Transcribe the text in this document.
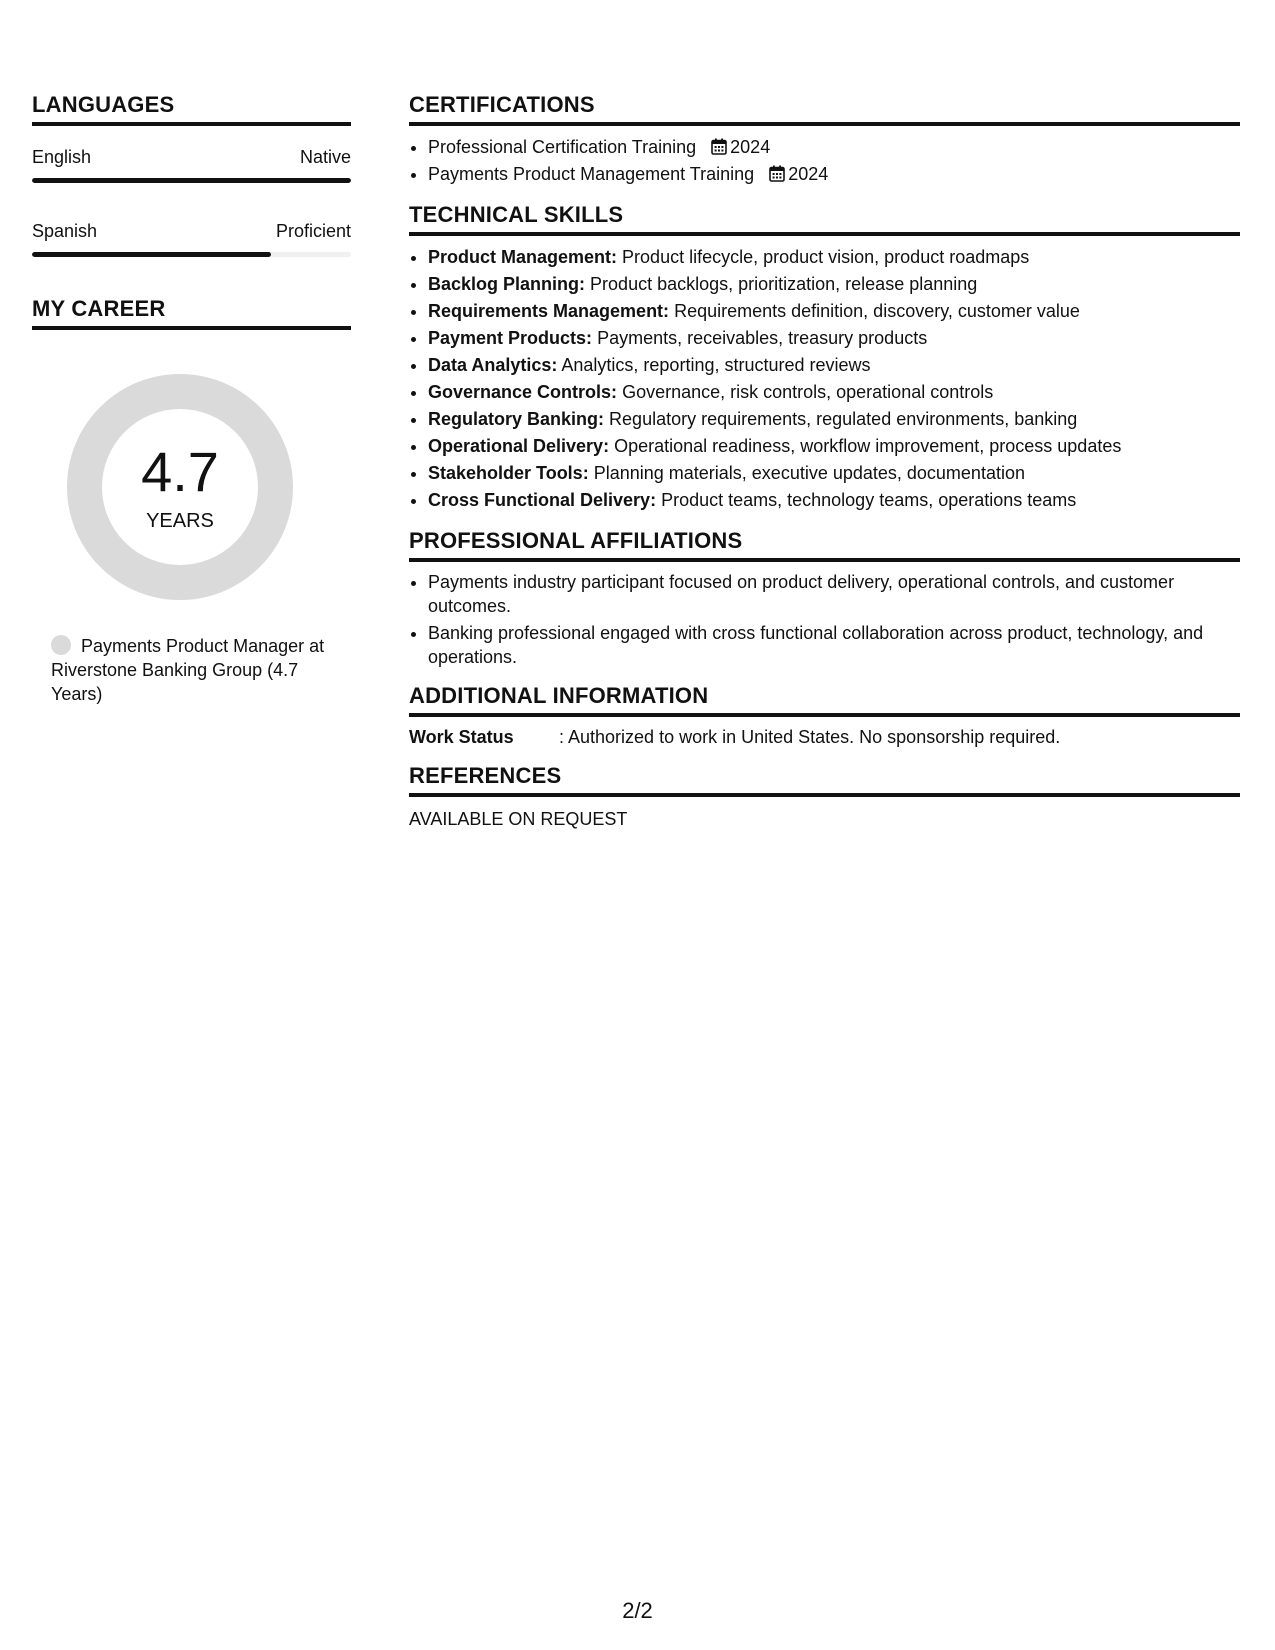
LANGUAGES
English	Native
Spanish	Proficient
MY CAREER
4.7
YEARS
Payments Product Manager at Riverstone Banking Group (4.7 Years)
CERTIFICATIONS
• Professional Certification Training 2024
• Payments Product Management Training 2024
TECHNICAL SKILLS
• Product Management: Product lifecycle, product vision, product roadmaps
• Backlog Planning: Product backlogs, prioritization, release planning
• Requirements Management: Requirements definition, discovery, customer value
• Payment Products: Payments, receivables, treasury products
• Data Analytics: Analytics, reporting, structured reviews
• Governance Controls: Governance, risk controls, operational controls
• Regulatory Banking: Regulatory requirements, regulated environments, banking
• Operational Delivery: Operational readiness, workflow improvement, process updates
• Stakeholder Tools: Planning materials, executive updates, documentation
• Cross Functional Delivery: Product teams, technology teams, operations teams
PROFESSIONAL AFFILIATIONS
• Payments industry participant focused on product delivery, operational controls, and customer outcomes.
• Banking professional engaged with cross functional collaboration across product, technology, and operations.
ADDITIONAL INFORMATION
Work Status	: Authorized to work in United States. No sponsorship required.
REFERENCES
AVAILABLE ON REQUEST
2/2
